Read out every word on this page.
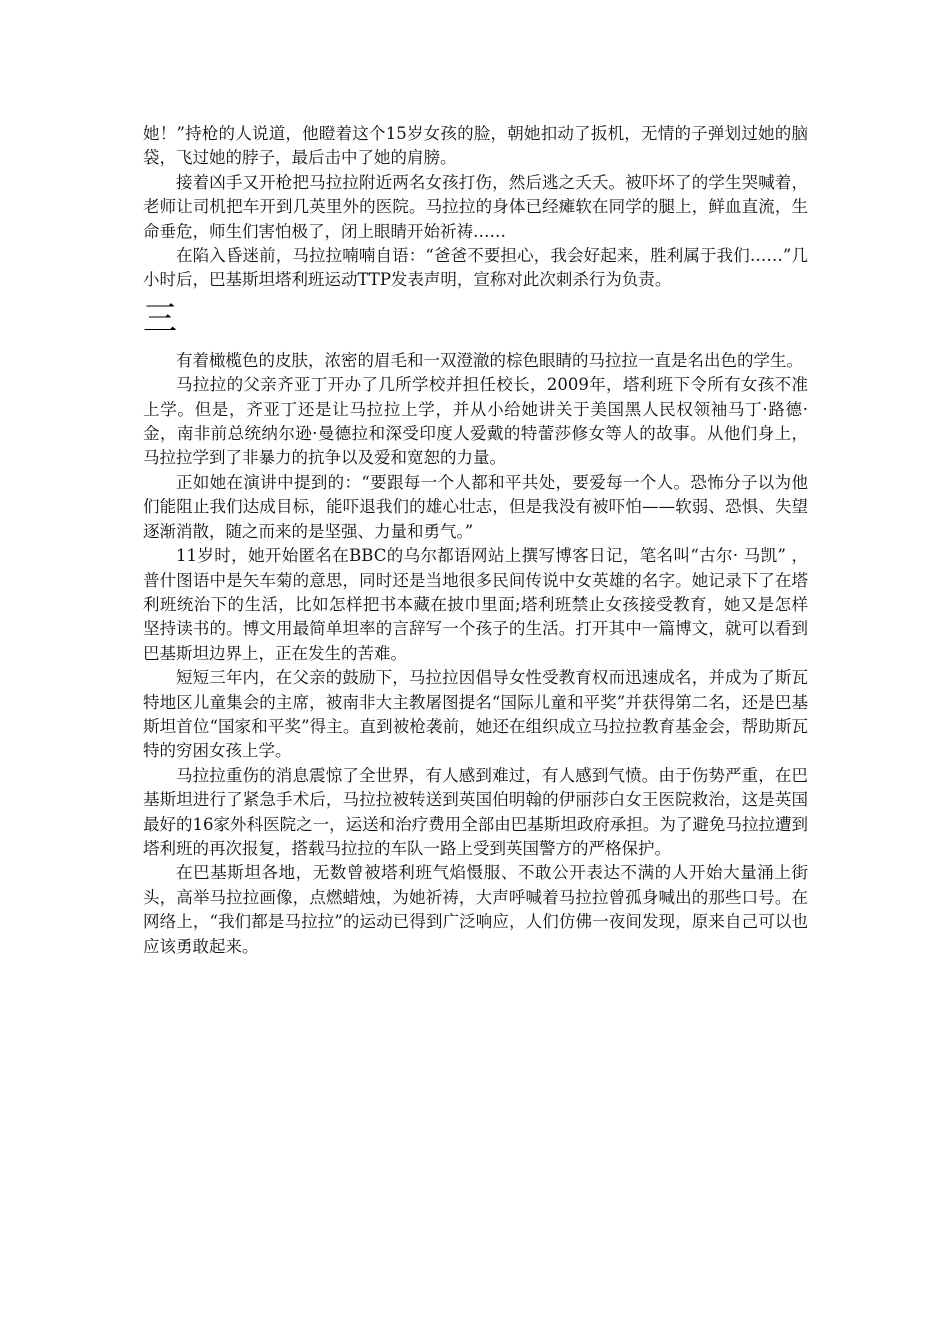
她！”持枪的人说道，他瞪着这个15岁女孩的脸，朝她扣动了扳机，无情的子弹划过她的脑袋，飞过她的脖子，最后击中了她的肩膀。

接着凶手又开枪把马拉拉附近两名女孩打伤，然后逃之夭夭。被吓坏了的学生哭喊着，老师让司机把车开到几英里外的医院。马拉拉的身体已经瘫软在同学的腿上，鲜血直流，生命垂危，师生们害怕极了，闭上眼睛开始祈祷……

在陷入昏迷前，马拉拉喃喃自语：“爸爸不要担心，我会好起来，胜利属于我们……”几小时后，巴基斯坦塔利班运动TTP发表声明，宣称对此次刺杀行为负责。

三

有着橄榄色的皮肤，浓密的眉毛和一双澄澈的棕色眼睛的马拉拉一直是名出色的学生。

马拉拉的父亲齐亚丁开办了几所学校并担任校长，2009年，塔利班下令所有女孩不准上学。但是，齐亚丁还是让马拉拉上学，并从小给她讲关于美国黑人民权领袖马丁·路德·金，南非前总统纳尔逊·曼德拉和深受印度人爱戴的特蕾莎修女等人的故事。从他们身上，马拉拉学到了非暴力的抗争以及爱和宽恕的力量。

正如她在演讲中提到的：“要跟每一个人都和平共处，要爱每一个人。恐怖分子以为他们能阻止我们达成目标，能吓退我们的雄心壮志，但是我没有被吓怕——软弱、恐惧、失望逐渐消散，随之而来的是坚强、力量和勇气。”

11岁时，她开始匿名在BBC的乌尔都语网站上撰写博客日记，笔名叫“古尔· 马凯” ，普什图语中是矢车菊的意思，同时还是当地很多民间传说中女英雄的名字。她记录下了在塔利班统治下的生活，比如怎样把书本藏在披巾里面;塔利班禁止女孩接受教育，她又是怎样坚持读书的。博文用最简单坦率的言辞写一个孩子的生活。打开其中一篇博文，就可以看到巴基斯坦边界上，正在发生的苦难。

短短三年内，在父亲的鼓励下，马拉拉因倡导女性受教育权而迅速成名，并成为了斯瓦特地区儿童集会的主席，被南非大主教屠图提名“国际儿童和平奖”并获得第二名，还是巴基斯坦首位“国家和平奖”得主。直到被枪袭前，她还在组织成立马拉拉教育基金会，帮助斯瓦特的穷困女孩上学。

马拉拉重伤的消息震惊了全世界，有人感到难过，有人感到气愤。由于伤势严重，在巴基斯坦进行了紧急手术后，马拉拉被转送到英国伯明翰的伊丽莎白女王医院救治，这是英国最好的16家外科医院之一，运送和治疗费用全部由巴基斯坦政府承担。为了避免马拉拉遭到塔利班的再次报复，搭载马拉拉的车队一路上受到英国警方的严格保护。

在巴基斯坦各地，无数曾被塔利班气焰慑服、不敢公开表达不满的人开始大量涌上街头，高举马拉拉画像，点燃蜡烛，为她祈祷，大声呼喊着马拉拉曾孤身喊出的那些口号。在网络上，“我们都是马拉拉”的运动已得到广泛响应，人们仿佛一夜间发现，原来自己可以也应该勇敢起来。
